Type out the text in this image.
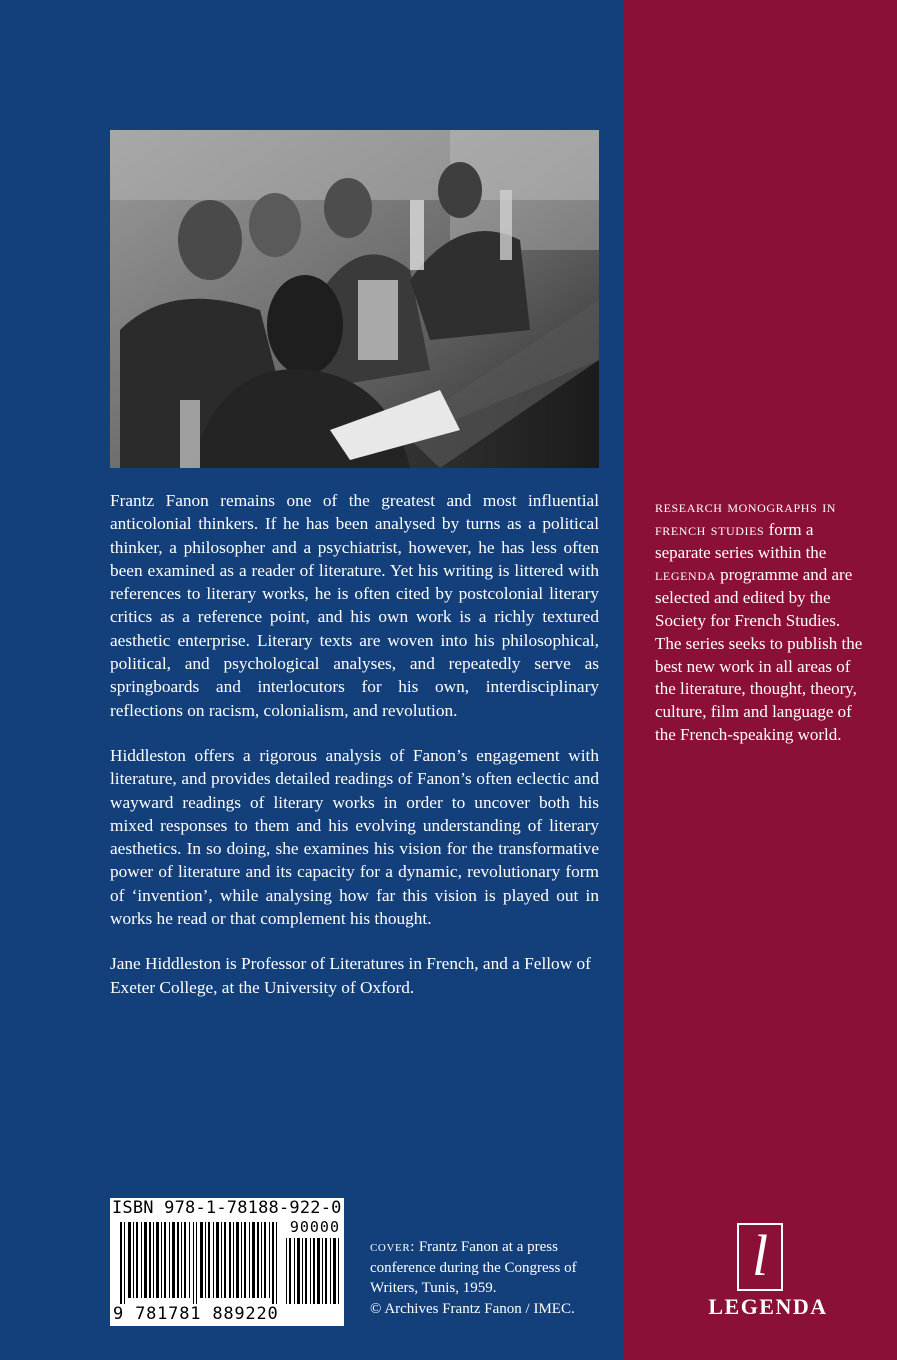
Frantz Fanon remains one of the greatest and most influential anticolonial thinkers. If he has been analysed by turns as a political thinker, a philosopher and a psychiatrist, however, he has less often been examined as a reader of literature. Yet his writing is littered with references to literary works, he is often cited by postcolonial literary critics as a reference point, and his own work is a richly textured aesthetic enterprise. Literary texts are woven into his philosophical, political, and psychological analyses, and repeatedly serve as springboards and interlocutors for his own, interdisciplinary reflections on racism, colonialism, and revolution.

Hiddleston offers a rigorous analysis of Fanon’s engagement with literature, and provides detailed readings of Fanon’s often eclectic and wayward readings of literary works in order to uncover both his mixed responses to them and his evolving understanding of literary aesthetics. In so doing, she examines his vision for the transformative power of literature and its capacity for a dynamic, revolutionary form of ‘invention’, while analysing how far this vision is played out in works he read or that complement his thought.

Jane Hiddleston is Professor of Literatures in French, and a Fellow of Exeter College, at the University of Oxford.

research monographs in french studies form a separate series within the legenda programme and are selected and edited by the Society for French Studies. The series seeks to publish the best new work in all areas of the literature, thought, theory, culture, film and language of the French-speaking world.
ISBN 978-1-78188-922-0
90000
9 781781 889220
cover: Frantz Fanon at a press conference during the Congress of Writers, Tunis, 1959.
© Archives Frantz Fanon / IMEC.
l
LEGENDA
